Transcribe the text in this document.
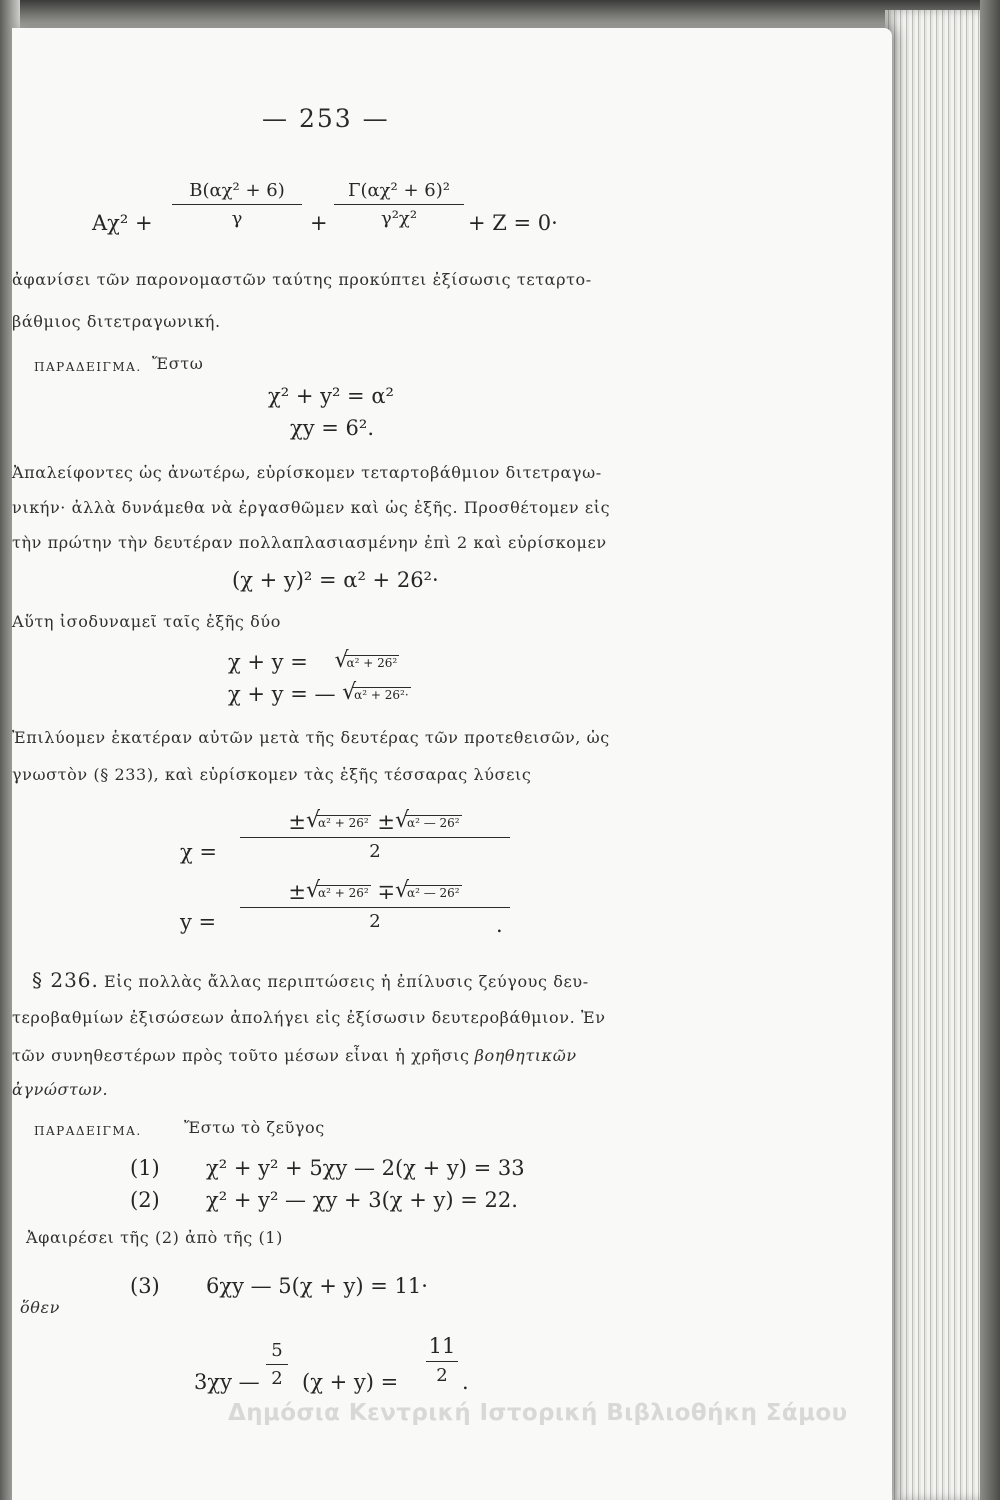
— 253 —
Αχ² +
Β(αχ² + 6)
γ	+
Γ(αχ² + 6)²
γ²χ²	+ Ζ = 0·
ἀφανίσει τῶν παρονομαστῶν ταύτης προκύπτει ἐξίσωσις τεταρτο-
βάθμιος διτετραγωνική.
ΠΑΡΑΔΕΙΓΜΑ. Ἔστω
χ² + y² = α²
χy = 6².
Ἀπαλείφοντες ὡς ἀνωτέρω, εὑρίσκομεν τεταρτοβάθμιον διτετραγω-
νικήν· ἀλλὰ δυνάμεθα νὰ ἐργασθῶμεν καὶ ὡς ἑξῆς. Προσθέτομεν εἰς
τὴν πρώτην τὴν δευτέραν πολλαπλασιασμένην ἐπὶ 2 καὶ εὑρίσκομεν
(χ + y)² = α² + 26²·
Αὕτη ἰσοδυναμεῖ ταῖς ἑξῆς δύο
χ + y = √
α² + 26²
χ + y = — √
α² + 26²·
Ἐπιλύομεν ἑκατέραν αὐτῶν μετὰ τῆς δευτέρας τῶν προτεθεισῶν, ὡς
γνωστὸν (§ 233), καὶ εὑρίσκομεν τὰς ἑξῆς τέσσαρας λύσεις
χ =
± √
α² + 26² ± √
α² — 26²
2
y =
± √
α² + 26² ∓ √
α² — 26²
2	.
§ 236. Εἰς πολλὰς ἄλλας περιπτώσεις ἡ ἐπίλυσις ζεύγους δευ-
τεροβαθμίων ἐξισώσεων ἀπολήγει εἰς ἐξίσωσιν δευτεροβάθμιον. Ἐν
τῶν συνηθεστέρων πρὸς τοῦτο μέσων εἶναι ἡ χρῆσις βοηθητικῶν
ἀγνώστων.
ΠΑΡΑΔΕΙΓΜΑ.	Ἔστω τὸ ζεῦγος
(1) χ² + y² + 5χy — 2(χ + y) = 33
(2) χ² + y² — χy + 3(χ + y) = 22.
Ἀφαιρέσει τῆς (2) ἀπὸ τῆς (1)
(3) 6χy — 5(χ + y) = 11·
ὅθεν
3χy —
5
2 (χ + y) =
11
2 .
Δημόσια Κεντρική Ιστορική Βιβλιοθήκη Σάμου
